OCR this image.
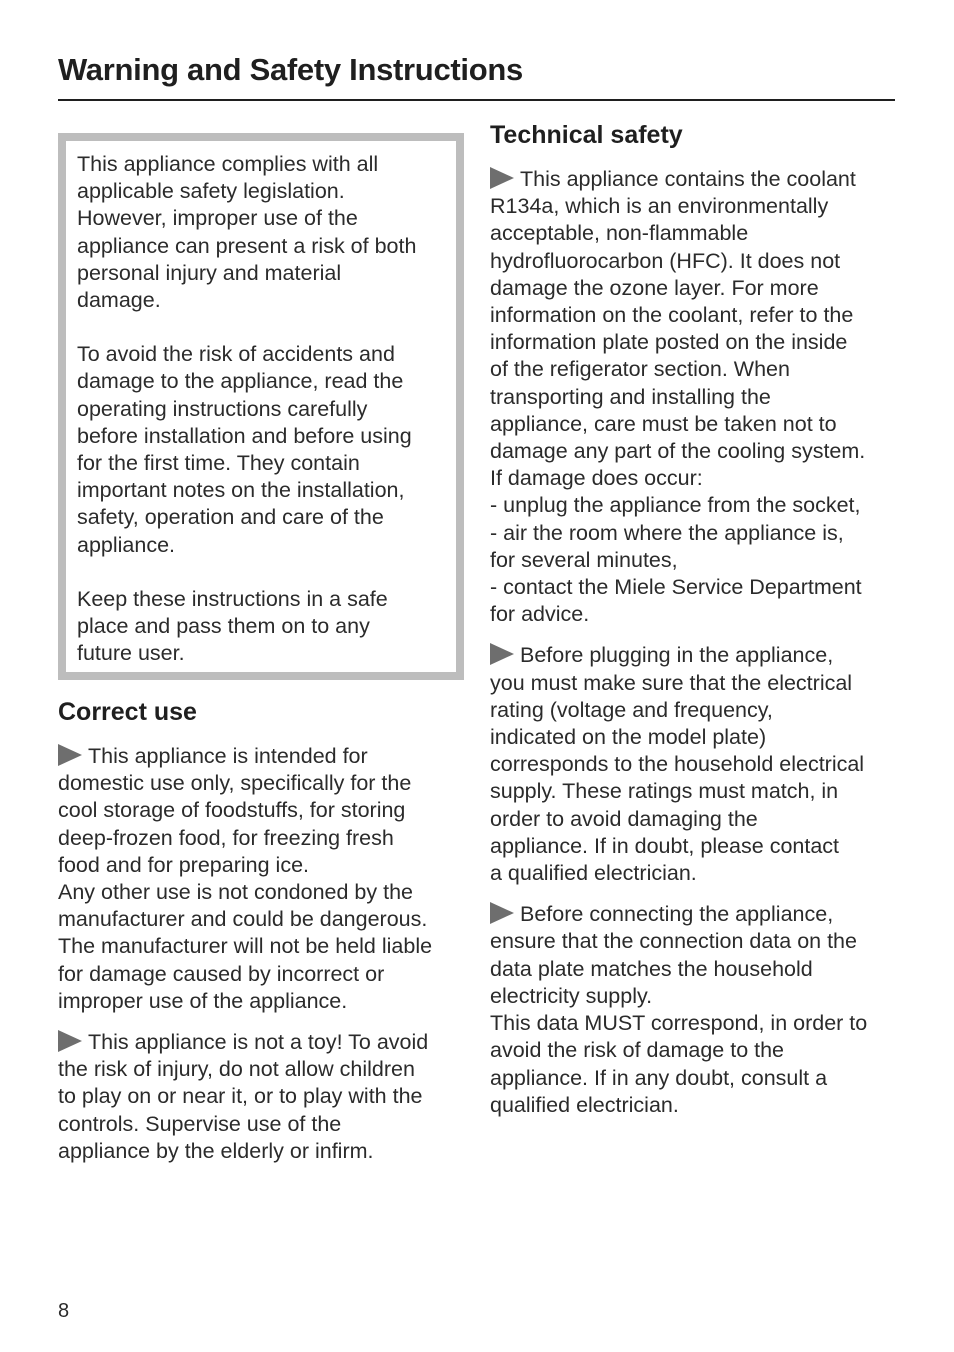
Warning and Safety Instructions

This appliance complies with all
applicable safety legislation.
However, improper use of the
appliance can present a risk of both
personal injury and material
damage.

To avoid the risk of accidents and
damage to the appliance, read the
operating instructions carefully
before installation and before using
for the first time. They contain
important notes on the installation,
safety, operation and care of the
appliance.

Keep these instructions in a safe
place and pass them on to any
future user.

Correct use

This appliance is intended for
domestic use only, specifically for the
cool storage of foodstuffs, for storing
deep-frozen food, for freezing fresh
food and for preparing ice.
Any other use is not condoned by the
manufacturer and could be dangerous.
The manufacturer will not be held liable
for damage caused by incorrect or
improper use of the appliance.

This appliance is not a toy! To avoid
the risk of injury, do not allow children
to play on or near it, or to play with the
controls. Supervise use of the
appliance by the elderly or infirm.

Technical safety

This appliance contains the coolant
R134a, which is an environmentally
acceptable, non-flammable
hydrofluorocarbon (HFC). It does not
damage the ozone layer. For more
information on the coolant, refer to the
information plate posted on the inside
of the refigerator section. When
transporting and installing the
appliance, care must be taken not to
damage any part of the cooling system.
If damage does occur:
- unplug the appliance from the socket,
- air the room where the appliance is,
for several minutes,
- contact the Miele Service Department
for advice.

Before plugging in the appliance,
you must make sure that the electrical
rating (voltage and frequency,
indicated on the model plate)
corresponds to the household electrical
supply. These ratings must match, in
order to avoid damaging the
appliance. If in doubt, please contact
a qualified electrician.

Before connecting the appliance,
ensure that the connection data on the
data plate matches the household
electricity supply.
This data MUST correspond, in order to
avoid the risk of damage to the
appliance. If in any doubt, consult a
qualified electrician.

8
